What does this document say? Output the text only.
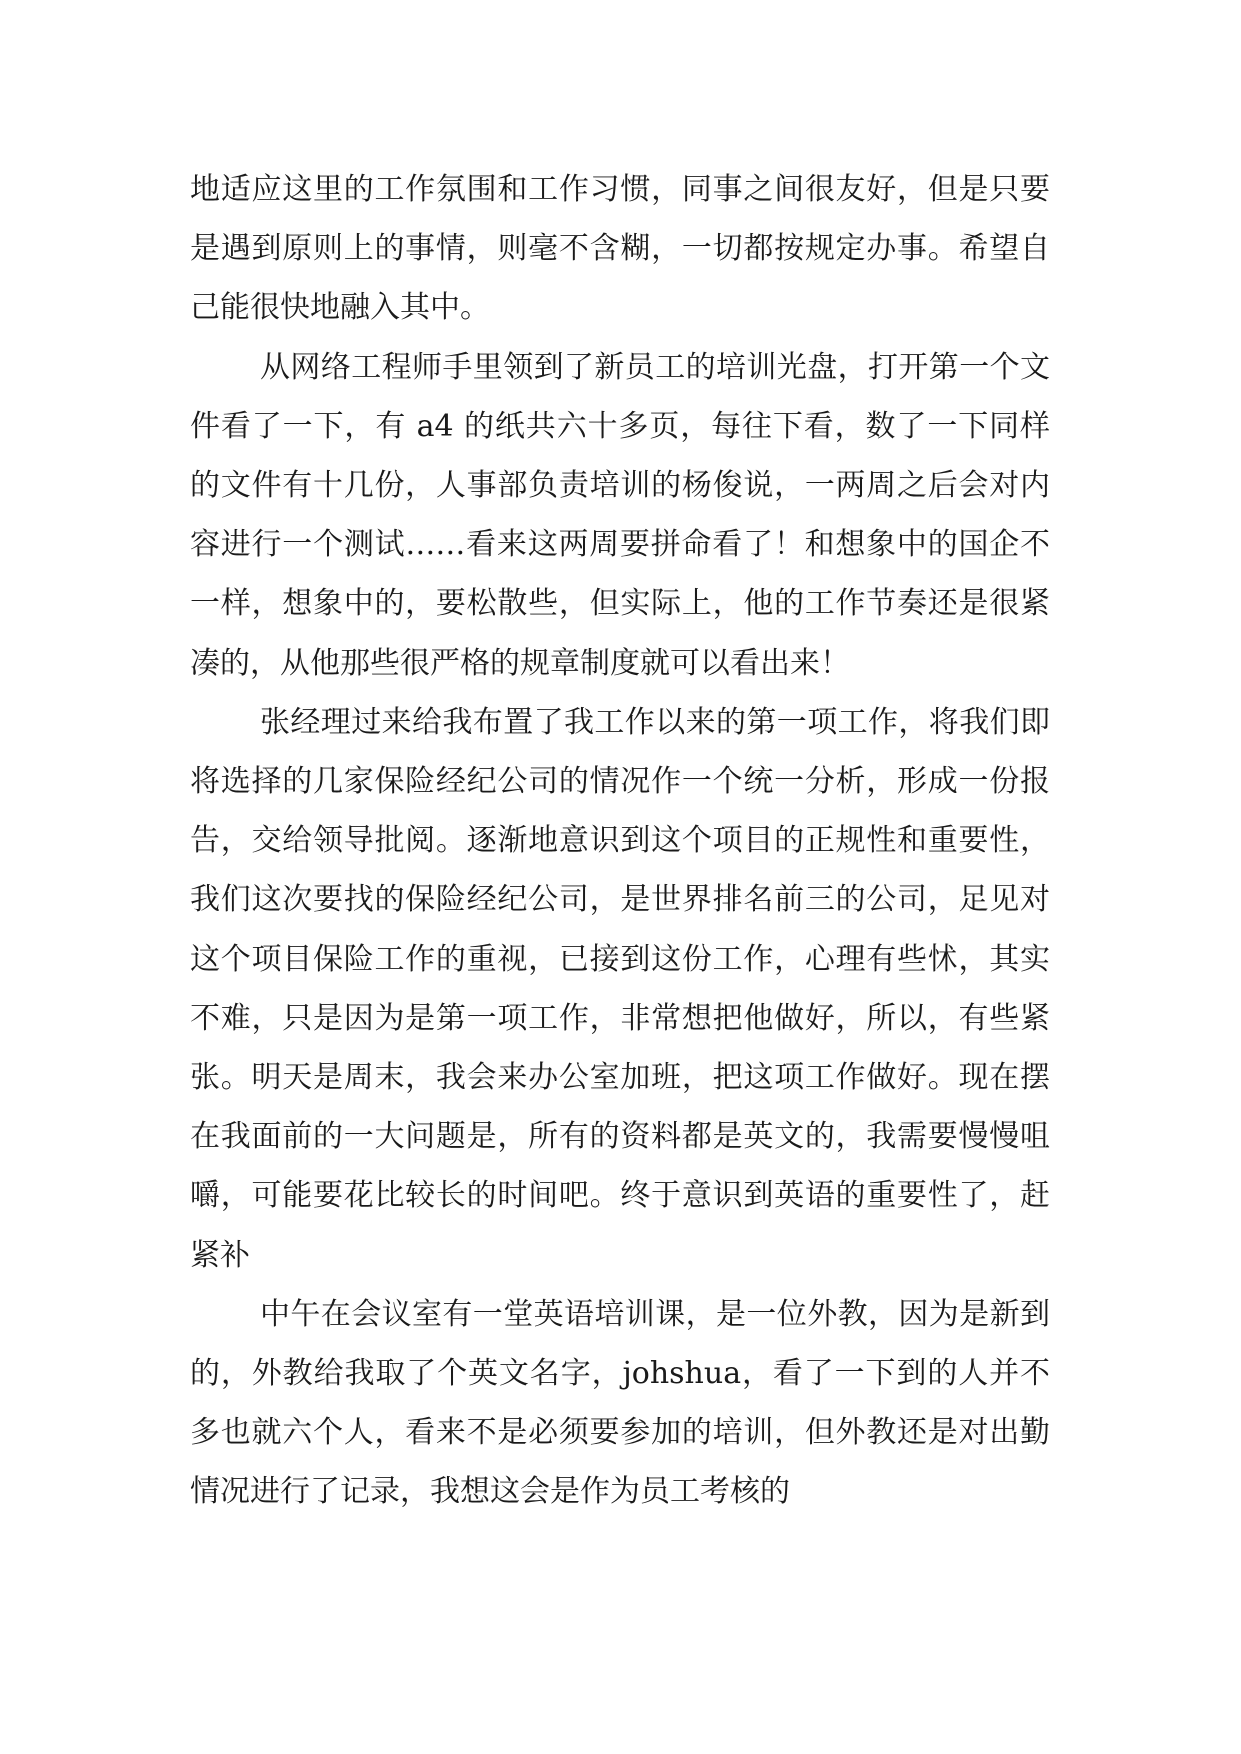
地适应这里的工作氛围和工作习惯，同事之间很友好，但是只要是遇到原则上的事情，则毫不含糊，一切都按规定办事。希望自己能很快地融入其中。

从网络工程师手里领到了新员工的培训光盘，打开第一个文件看了一下，有 a4 的纸共六十多页，每往下看，数了一下同样的文件有十几份，人事部负责培训的杨俊说，一两周之后会对内容进行一个测试……看来这两周要拼命看了！和想象中的国企不一样，想象中的，要松散些，但实际上，他的工作节奏还是很紧凑的，从他那些很严格的规章制度就可以看出来！

张经理过来给我布置了我工作以来的第一项工作，将我们即将选择的几家保险经纪公司的情况作一个统一分析，形成一份报告，交给领导批阅。逐渐地意识到这个项目的正规性和重要性，我们这次要找的保险经纪公司，是世界排名前三的公司，足见对这个项目保险工作的重视，已接到这份工作，心理有些怵，其实不难，只是因为是第一项工作，非常想把他做好，所以，有些紧张。明天是周末，我会来办公室加班，把这项工作做好。现在摆在我面前的一大问题是，所有的资料都是英文的，我需要慢慢咀嚼，可能要花比较长的时间吧。终于意识到英语的重要性了，赶紧补

中午在会议室有一堂英语培训课，是一位外教，因为是新到的，外教给我取了个英文名字，johshua，看了一下到的人并不多也就六个人，看来不是必须要参加的培训，但外教还是对出勤情况进行了记录，我想这会是作为员工考核的
